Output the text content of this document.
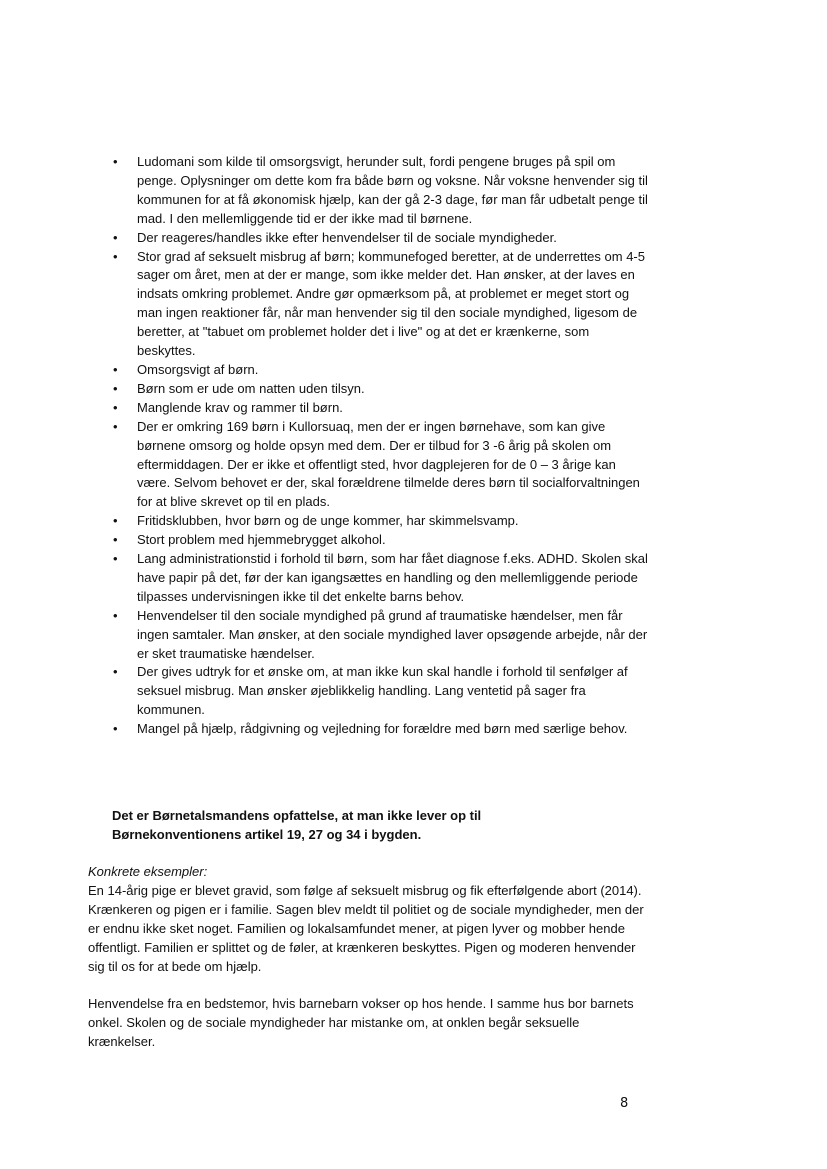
• Ludomani som kilde til omsorgsvigt, herunder sult, fordi pengene bruges på spil om penge. Oplysninger om dette kom fra både børn og voksne. Når voksne henvender sig til kommunen for at få økonomisk hjælp, kan der gå 2-3 dage, før man får udbetalt penge til mad. I den mellemliggende tid er der ikke mad til børnene.
• Der reageres/handles ikke efter henvendelser til de sociale myndigheder.
• Stor grad af seksuelt misbrug af børn; kommunefoged beretter, at de underrettes om 4-5 sager om året, men at der er mange, som ikke melder det. Han ønsker, at der laves en indsats omkring problemet. Andre gør opmærksom på, at problemet er meget stort og man ingen reaktioner får, når man henvender sig til den sociale myndighed, ligesom de beretter, at "tabuet om problemet holder det i live" og at det er krænkerne, som beskyttes.
• Omsorgsvigt af børn.
• Børn som er ude om natten uden tilsyn.
• Manglende krav og rammer til børn.
• Der er omkring 169 børn i Kullorsuaq, men der er ingen børnehave, som kan give børnene omsorg og holde opsyn med dem. Der er tilbud for 3 -6 årig på skolen om eftermiddagen. Der er ikke et offentligt sted, hvor dagplejeren for de 0 – 3 årige kan være. Selvom behovet er der, skal forældrene tilmelde deres børn til socialforvaltningen for at blive skrevet op til en plads.
• Fritidsklubben, hvor børn og de unge kommer, har skimmelsvamp.
• Stort problem med hjemmebrygget alkohol.
• Lang administrationstid i forhold til børn, som har fået diagnose f.eks. ADHD. Skolen skal have papir på det, før der kan igangsættes en handling og den mellemliggende periode tilpasses undervisningen ikke til det enkelte barns behov.
• Henvendelser til den sociale myndighed på grund af traumatiske hændelser, men får ingen samtaler. Man ønsker, at den sociale myndighed laver opsøgende arbejde, når der er sket traumatiske hændelser.
• Der gives udtryk for et ønske om, at man ikke kun skal handle i forhold til senfølger af seksuel misbrug. Man ønsker øjeblikkelig handling. Lang ventetid på sager fra kommunen.
• Mangel på hjælp, rådgivning og vejledning for forældre med børn med særlige behov.

Det er Børnetalsmandens opfattelse, at man ikke lever op til Børnekonventionens artikel 19, 27 og 34 i bygden.

Konkrete eksempler:

En 14-årig pige er blevet gravid, som følge af seksuelt misbrug og fik efterfølgende abort (2014). Krænkeren og pigen er i familie. Sagen blev meldt til politiet og de sociale myndigheder, men der er endnu ikke sket noget. Familien og lokalsamfundet mener, at pigen lyver og mobber hende offentligt. Familien er splittet og de føler, at krænkeren beskyttes. Pigen og moderen henvender sig til os for at bede om hjælp.

Henvendelse fra en bedstemor, hvis barnebarn vokser op hos hende. I samme hus bor barnets onkel. Skolen og de sociale myndigheder har mistanke om, at onklen begår seksuelle krænkelser.

8
